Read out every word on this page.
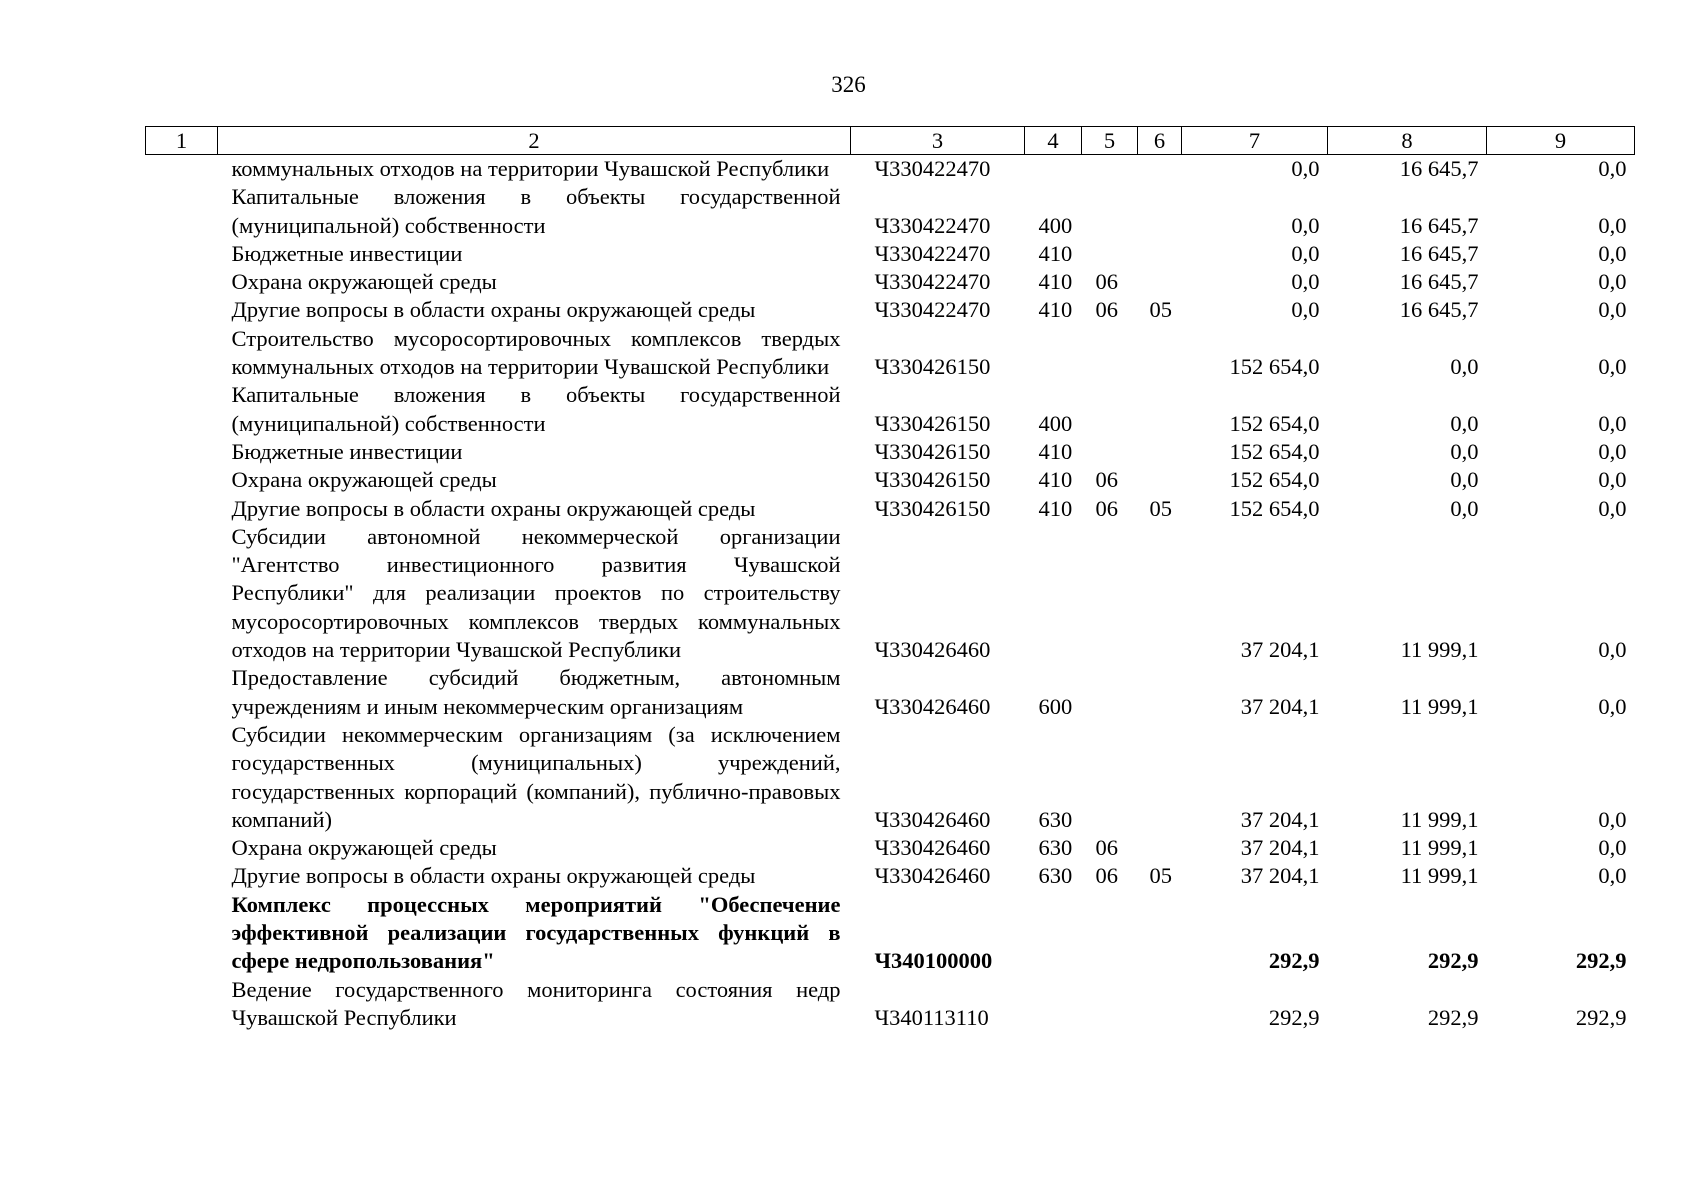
326
1	2	3	4	5	6	7	8	9
	коммунальных отходов на территории Чувашской Республики	Ч330422470				0,0	16 645,7	0,0
	Капитальные вложения в объекты государственной (муниципальной) собственности	Ч330422470	400			0,0	16 645,7	0,0
	Бюджетные инвестиции	Ч330422470	410			0,0	16 645,7	0,0
	Охрана окружающей среды	Ч330422470	410	06		0,0	16 645,7	0,0
	Другие вопросы в области охраны окружающей среды	Ч330422470	410	06	05	0,0	16 645,7	0,0
	Строительство мусоросортировочных комплексов твердых коммунальных отходов на территории Чувашской Республики	Ч330426150				152 654,0	0,0	0,0
	Капитальные вложения в объекты государственной (муниципальной) собственности	Ч330426150	400			152 654,0	0,0	0,0
	Бюджетные инвестиции	Ч330426150	410			152 654,0	0,0	0,0
	Охрана окружающей среды	Ч330426150	410	06		152 654,0	0,0	0,0
	Другие вопросы в области охраны окружающей среды	Ч330426150	410	06	05	152 654,0	0,0	0,0
	Субсидии автономной некоммерческой организации "Агентство инвестиционного развития Чувашской Республики" для реализации проектов по строительству мусоросортировочных комплексов твердых коммунальных отходов на территории Чувашской Республики	Ч330426460				37 204,1	11 999,1	0,0
	Предоставление субсидий бюджетным, автономным учреждениям и иным некоммерческим организациям	Ч330426460	600			37 204,1	11 999,1	0,0
	Субсидии некоммерческим организациям (за исключением государственных (муниципальных) учреждений, государственных корпораций (компаний), публично-правовых компаний)	Ч330426460	630			37 204,1	11 999,1	0,0
	Охрана окружающей среды	Ч330426460	630	06		37 204,1	11 999,1	0,0
	Другие вопросы в области охраны окружающей среды	Ч330426460	630	06	05	37 204,1	11 999,1	0,0
	Комплекс процессных мероприятий "Обеспечение эффективной реализации государственных функций в сфере недропользования"	Ч340100000				292,9	292,9	292,9
	Ведение государственного мониторинга состояния недр Чувашской Республики	Ч340113110				292,9	292,9	292,9
